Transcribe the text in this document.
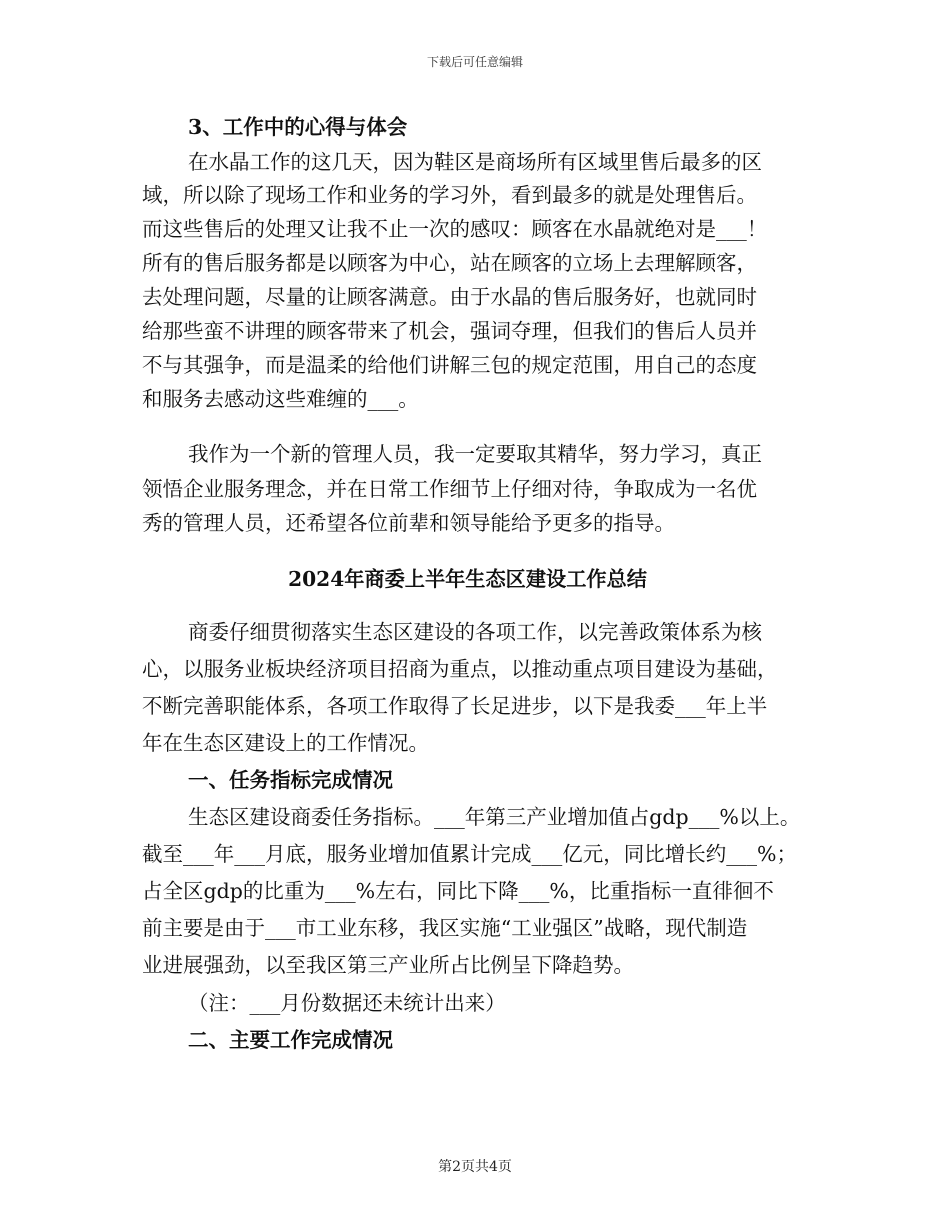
下载后可任意编辑
3、工作中的心得与体会
在水晶工作的这几天，因为鞋区是商场所有区域里售后最多的区
域，所以除了现场工作和业务的学习外，看到最多的就是处理售后。
而这些售后的处理又让我不止一次的感叹：顾客在水晶就绝对是___！
所有的售后服务都是以顾客为中心，站在顾客的立场上去理解顾客，
去处理问题，尽量的让顾客满意。由于水晶的售后服务好，也就同时
给那些蛮不讲理的顾客带来了机会，强词夺理，但我们的售后人员并
不与其强争，而是温柔的给他们讲解三包的规定范围，用自己的态度
和服务去感动这些难缠的___。
我作为一个新的管理人员，我一定要取其精华，努力学习，真正
领悟企业服务理念，并在日常工作细节上仔细对待，争取成为一名优
秀的管理人员，还希望各位前辈和领导能给予更多的指导。
2024年商委上半年生态区建设工作总结
商委仔细贯彻落实生态区建设的各项工作，以完善政策体系为核
心，以服务业板块经济项目招商为重点，以推动重点项目建设为基础，
不断完善职能体系，各项工作取得了长足进步，以下是我委___年上半
年在生态区建设上的工作情况。
一、任务指标完成情况
生态区建设商委任务指标。___年第三产业增加值占gdp___%以上。
截至___年___月底，服务业增加值累计完成___亿元，同比增长约___%；
占全区gdp的比重为___%左右，同比下降___%，比重指标一直徘徊不
前主要是由于___市工业东移，我区实施“工业强区”战略，现代制造
业进展强劲，以至我区第三产业所占比例呈下降趋势。
（注：___月份数据还未统计出来）
二、主要工作完成情况
第2页共4页
